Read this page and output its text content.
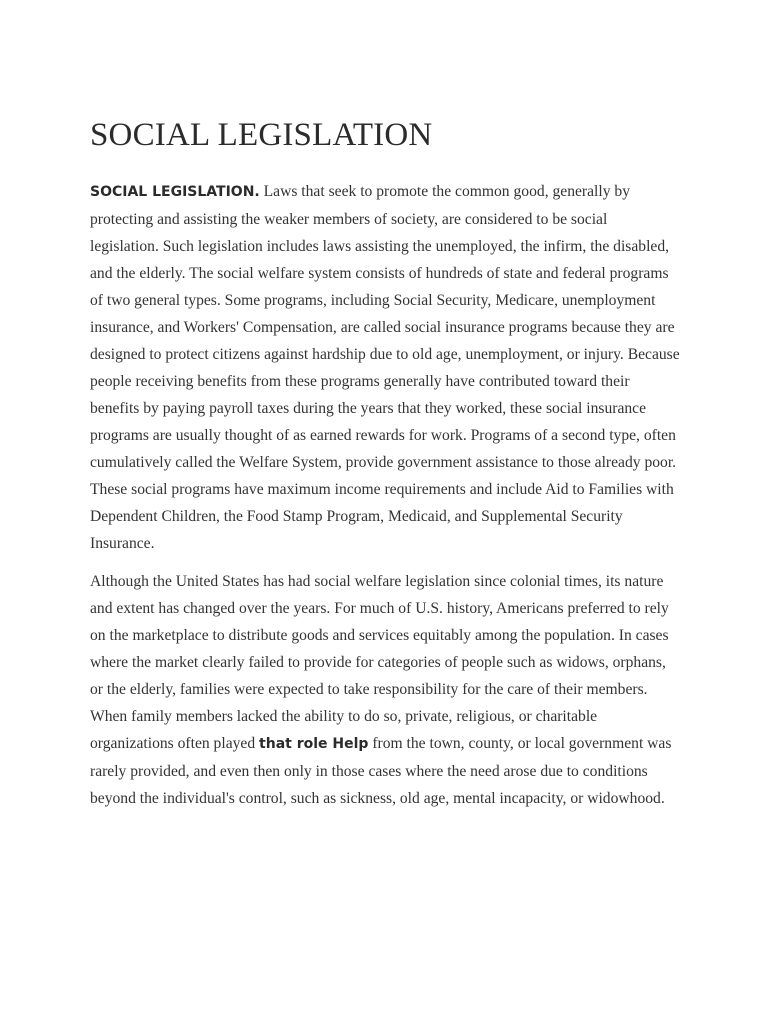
SOCIAL LEGISLATION

SOCIAL LEGISLATION. Laws that seek to promote the common good, generally by protecting and assisting the weaker members of society, are considered to be social legislation. Such legislation includes laws assisting the unemployed, the infirm, the disabled, and the elderly. The social welfare system consists of hundreds of state and federal programs of two general types. Some programs, including Social Security, Medicare, unemployment insurance, and Workers' Compensation, are called social insurance programs because they are designed to protect citizens against hardship due to old age, unemployment, or injury. Because people receiving benefits from these programs generally have contributed toward their benefits by paying payroll taxes during the years that they worked, these social insurance programs are usually thought of as earned rewards for work. Programs of a second type, often cumulatively called the Welfare System, provide government assistance to those already poor. These social programs have maximum income requirements and include Aid to Families with Dependent Children, the Food Stamp Program, Medicaid, and Supplemental Security Insurance.

Although the United States has had social welfare legislation since colonial times, its nature and extent has changed over the years. For much of U.S. history, Americans preferred to rely on the marketplace to distribute goods and services equitably among the population. In cases where the market clearly failed to provide for categories of people such as widows, orphans, or the elderly, families were expected to take responsibility for the care of their members. When family members lacked the ability to do so, private, religious, or charitable organizations often played that role Help from the town, county, or local government was rarely provided, and even then only in those cases where the need arose due to conditions beyond the individual's control, such as sickness, old age, mental incapacity, or widowhood.
